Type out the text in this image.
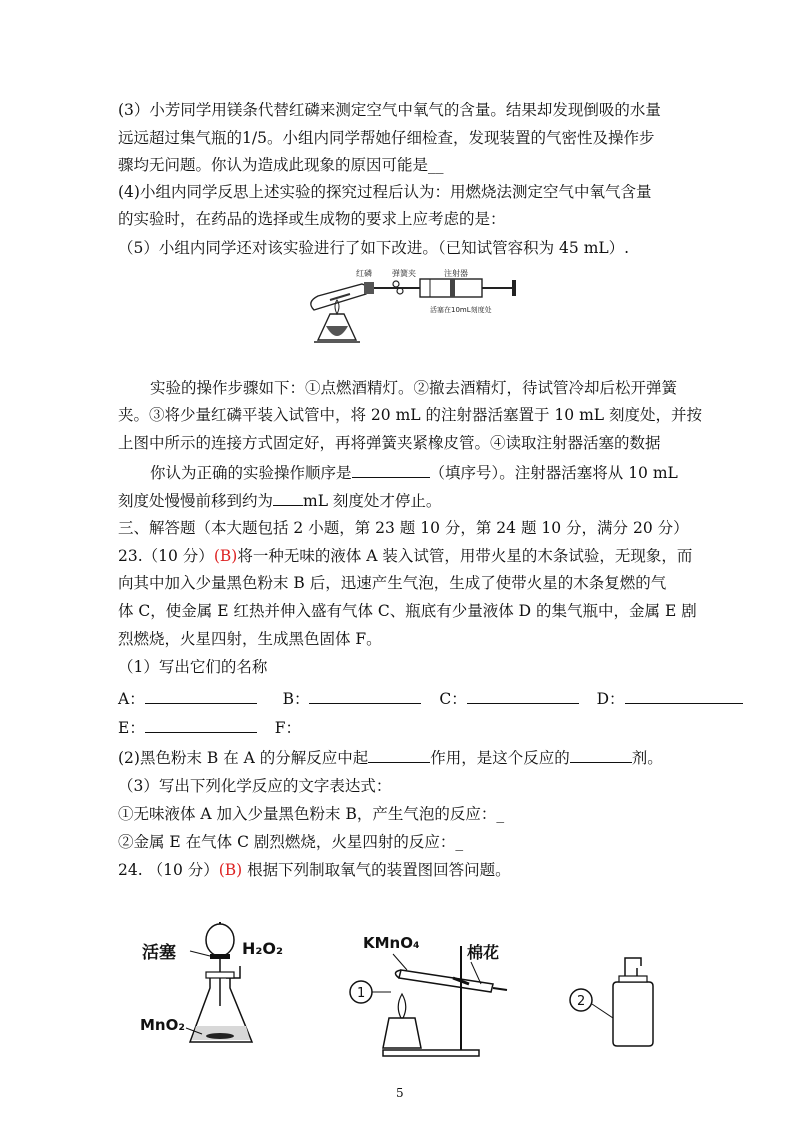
(3）小芳同学用镁条代替红磷来测定空气中氧气的含量。结果却发现倒吸的水量
远远超过集气瓶的1/5。小组内同学帮她仔细检查，发现装置的气密性及操作步
骤均无问题。你认为造成此现象的原因可能是__
(4)小组内同学反思上述实验的探究过程后认为：用燃烧法测定空气中氧气含量
的实验时，在药品的选择或生成物的要求上应考虑的是：
（5）小组内同学还对该实验进行了如下改进。（已知试管容积为 45 mL）.
红磷	弹簧夹	注射器
活塞在10mL刻度处
实验的操作步骤如下：①点燃酒精灯。②撤去酒精灯，待试管冷却后松开弹簧
夹。③将少量红磷平装入试管中，将 20 mL 的注射器活塞置于 10 mL 刻度处，并按
上图中所示的连接方式固定好，再将弹簧夹紧橡皮管。④读取注射器活塞的数据
你认为正确的实验操作顺序是	（填序号）。注射器活塞将从 10 mL
刻度处慢慢前移到约为 mL 刻度处才停止。
三、解答题（本大题包括 2 小题，第 23 题 10 分，第 24 题 10 分，满分 20 分）
23.（10 分）(B)将一种无味的液体 A 装入试管，用带火星的木条试验，无现象，而
向其中加入少量黑色粉末 B 后，迅速产生气泡，生成了使带火星的木条复燃的气
体 C，使金属 E 红热并伸入盛有气体 C、瓶底有少量液体 D 的集气瓶中，金属 E 剧
烈燃烧，火星四射，生成黑色固体 F。
（1）写出它们的名称
A：	B：	C：	D：
E：	F：
(2)黑色粉末 B 在 A 的分解反应中起	作用，是这个反应的	剂。
（3）写出下列化学反应的文字表达式：
①无味液体 A 加入少量黑色粉末 B，产生气泡的反应：_
②金属 E 在气体 C 剧烈燃烧，火星四射的反应：_
24. （10 分）(B) 根据下列制取氧气的装置图回答问题。
活塞	H₂O₂
MnO₂
KMnO₄	棉花
1
2
5
